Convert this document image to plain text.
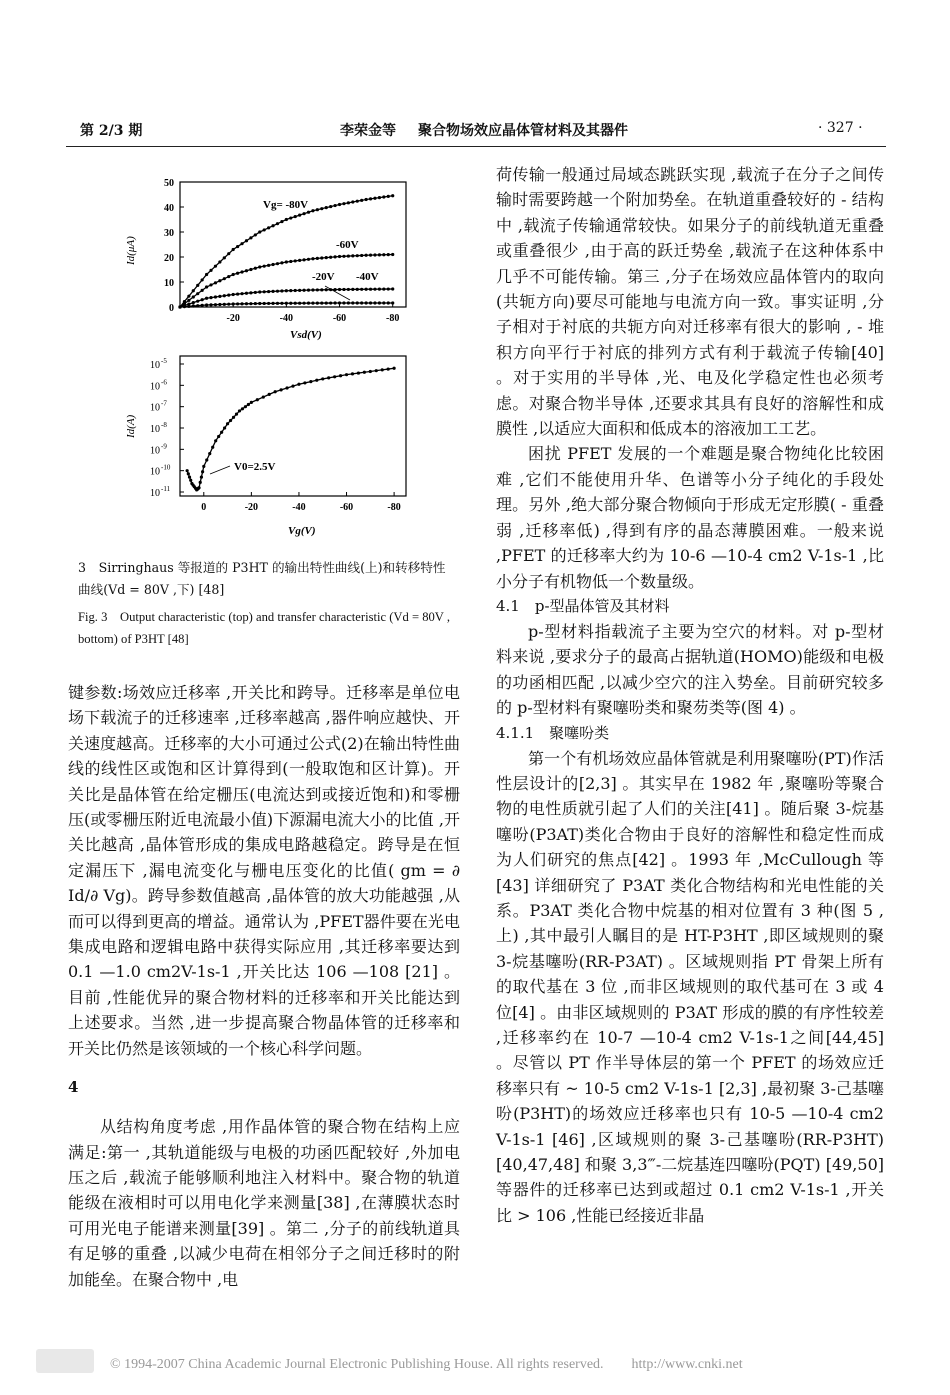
第 2/3 期	李荣金等 聚合物场效应晶体管材料及其器件	· 327 ·
50
40
30
20
10
0
-20	-40	-60	-80
Id(μA)
Vsd(V)
Vg= -80V
-60V
-20V -40V
10 -5
10 -6
10 -7
10 -8
10 -9
10 -10
10 -11
0	-20	-40	-60	-80
Id(A)
Vg(V)
V0=2.5V
3　Sirringhaus 等报道的 P3HT 的输出特性曲线(上)和转移特性曲线(Vd = 80V ,下) [48]
Fig. 3　Output characteristic (top) and transfer characteristic (Vd = 80V , bottom) of P3HT [48]

键参数:场效应迁移率 ,开关比和跨导。迁移率是单位电场下载流子的迁移速率 ,迁移率越高 ,器件响应越快、开关速度越高。迁移率的大小可通过公式(2)在输出特性曲线的线性区或饱和区计算得到(一般取饱和区计算)。开关比是晶体管在给定栅压(电流达到或接近饱和)和零栅压(或零栅压附近电流最小值)下源漏电流大小的比值 ,开关比越高 ,晶体管形成的集成电路越稳定。跨导是在恒定漏压下 ,漏电流变化与栅电压变化的比值( gm = ∂ Id/∂ Vg)。跨导参数值越高 ,晶体管的放大功能越强 ,从而可以得到更高的增益。通常认为 ,PFET器件要在光电集成电路和逻辑电路中获得实际应用 ,其迁移率要达到 0.1 —1.0 cm2V-1s-1 ,开关比达 106 —108 [21] 。目前 ,性能优异的聚合物材料的迁移率和开关比能达到上述要求。当然 ,进一步提高聚合物晶体管的迁移率和开关比仍然是该领域的一个核心科学问题。

4

从结构角度考虑 ,用作晶体管的聚合物在结构上应满足:第一 ,其轨道能级与电极的功函匹配较好 ,外加电压之后 ,载流子能够顺利地注入材料中。聚合物的轨道能级在液相时可以用电化学来测量[38] ,在薄膜状态时可用光电子能谱来测量[39] 。第二 ,分子的前线轨道具有足够的重叠 ,以减少电荷在相邻分子之间迁移时的附加能垒。在聚合物中 ,电

荷传输一般通过局域态跳跃实现 ,载流子在分子之间传输时需要跨越一个附加势垒。在轨道重叠较好的 - 结构中 ,载流子传输通常较快。如果分子的前线轨道无重叠或重叠很少 ,由于高的跃迁势垒 ,载流子在这种体系中几乎不可能传输。第三 ,分子在场效应晶体管内的取向(共轭方向)要尽可能地与电流方向一致。事实证明 ,分子相对于衬底的共轭方向对迁移率有很大的影响 , - 堆积方向平行于衬底的排列方式有利于载流子传输[40] 。对于实用的半导体 ,光、电及化学稳定性也必须考虑。对聚合物半导体 ,还要求其具有良好的溶解性和成膜性 ,以适应大面积和低成本的溶液加工工艺。

困扰 PFET 发展的一个难题是聚合物纯化比较困难 ,它们不能使用升华、色谱等小分子纯化的手段处理。另外 ,绝大部分聚合物倾向于形成无定形膜( - 重叠弱 ,迁移率低) ,得到有序的晶态薄膜困难。一般来说 ,PFET 的迁移率大约为 10-6 —10-4 cm2 V-1s-1 ,比小分子有机物低一个数量级。

4.1　p-型晶体管及其材料

p-型材料指载流子主要为空穴的材料。对 p-型材料来说 ,要求分子的最高占据轨道(HOMO)能级和电极的功函相匹配 ,以减少空穴的注入势垒。目前研究较多的 p-型材料有聚噻吩类和聚芴类等(图 4) 。

4.1.1　聚噻吩类

第一个有机场效应晶体管就是利用聚噻吩(PT)作活性层设计的[2,3] 。其实早在 1982 年 ,聚噻吩等聚合物的电性质就引起了人们的关注[41] 。随后聚 3-烷基噻吩(P3AT)类化合物由于良好的溶解性和稳定性而成为人们研究的焦点[42] 。1993 年 ,McCullough 等[43] 详细研究了 P3AT 类化合物结构和光电性能的关系。P3AT 类化合物中烷基的相对位置有 3 种(图 5 ,上) ,其中最引人瞩目的是 HT-P3HT ,即区域规则的聚 3-烷基噻吩(RR-P3AT) 。区域规则指 PT 骨架上所有的取代基在 3 位 ,而非区域规则的取代基可在 3 或 4 位[4] 。由非区域规则的 P3AT 形成的膜的有序性较差 ,迁移率约在 10-7 —10-4 cm2 V-1s-1之间[44,45] 。尽管以 PT 作半导体层的第一个 PFET 的场效应迁移率只有 ~ 10-5 cm2 V-1s-1 [2,3] ,最初聚 3-己基噻吩(P3HT)的场效应迁移率也只有 10-5 —10-4 cm2 V-1s-1 [46] ,区域规则的聚 3-己基噻吩(RR-P3HT) [40,47,48] 和聚 3,3‴-二烷基连四噻吩(PQT) [49,50] 等器件的迁移率已达到或超过 0.1 cm2 V-1s-1 ,开关比 > 106 ,性能已经接近非晶

© 1994-2007 China Academic Journal Electronic Publishing House. All rights reserved.　　http://www.cnki.net
